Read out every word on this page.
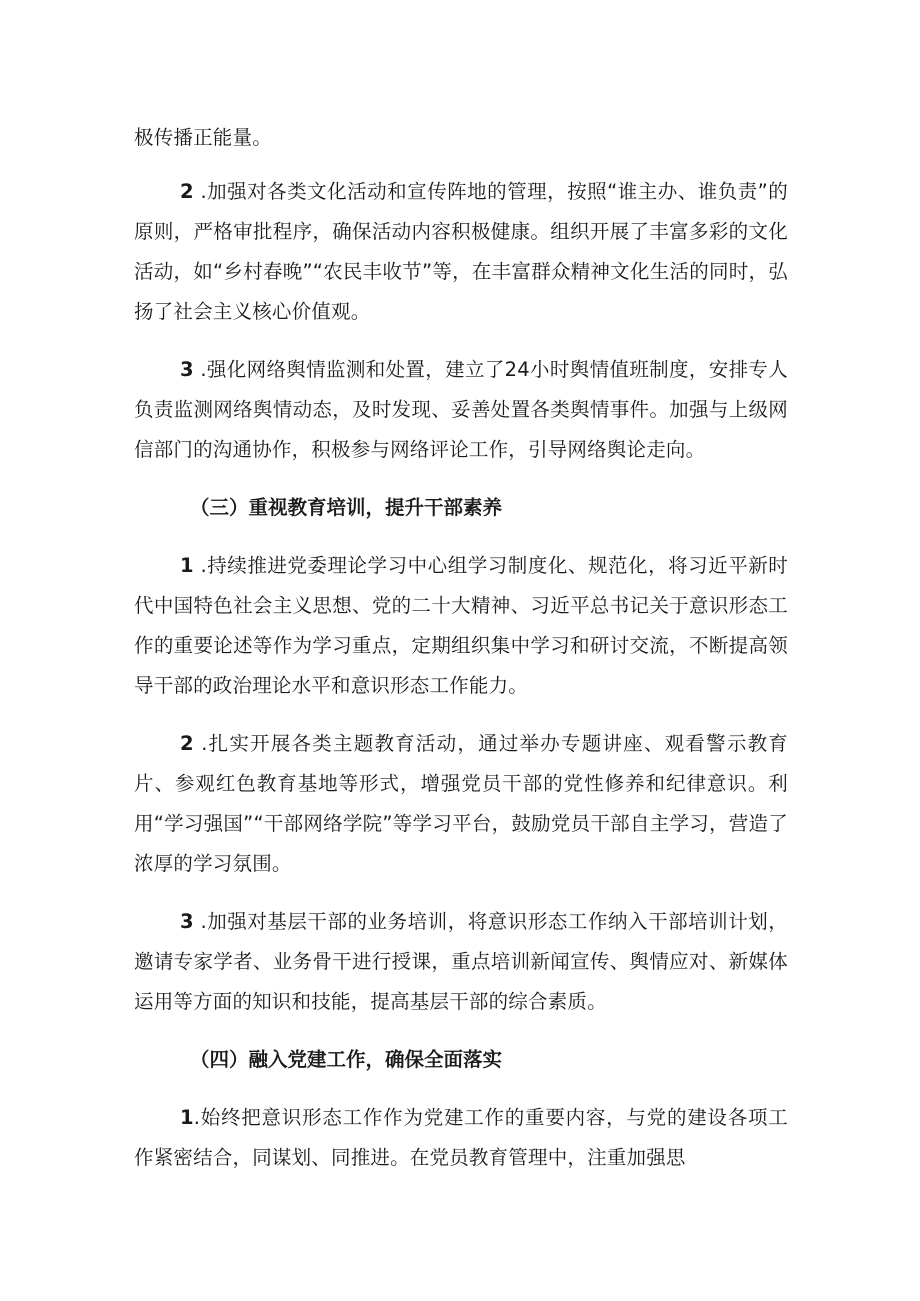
极传播正能量。

2 .加强对各类文化活动和宣传阵地的管理，按照“谁主办、谁负责”的原则，严格审批程序，确保活动内容积极健康。组织开展了丰富多彩的文化活动，如“乡村春晚”“农民丰收节”等，在丰富群众精神文化生活的同时，弘扬了社会主义核心价值观。

3 .强化网络舆情监测和处置，建立了24小时舆情值班制度，安排专人负责监测网络舆情动态，及时发现、妥善处置各类舆情事件。加强与上级网信部门的沟通协作，积极参与网络评论工作，引导网络舆论走向。

（三）重视教育培训，提升干部素养

1 .持续推进党委理论学习中心组学习制度化、规范化，将习近平新时代中国特色社会主义思想、党的二十大精神、习近平总书记关于意识形态工作的重要论述等作为学习重点，定期组织集中学习和研讨交流，不断提高领导干部的政治理论水平和意识形态工作能力。

2 .扎实开展各类主题教育活动，通过举办专题讲座、观看警示教育片、参观红色教育基地等形式，增强党员干部的党性修养和纪律意识。利用“学习强国”“干部网络学院”等学习平台，鼓励党员干部自主学习，营造了浓厚的学习氛围。

3 .加强对基层干部的业务培训，将意识形态工作纳入干部培训计划，邀请专家学者、业务骨干进行授课，重点培训新闻宣传、舆情应对、新媒体运用等方面的知识和技能，提高基层干部的综合素质。

（四）融入党建工作，确保全面落实

1.始终把意识形态工作作为党建工作的重要内容，与党的建设各项工作紧密结合，同谋划、同推进。在党员教育管理中，注重加强思
